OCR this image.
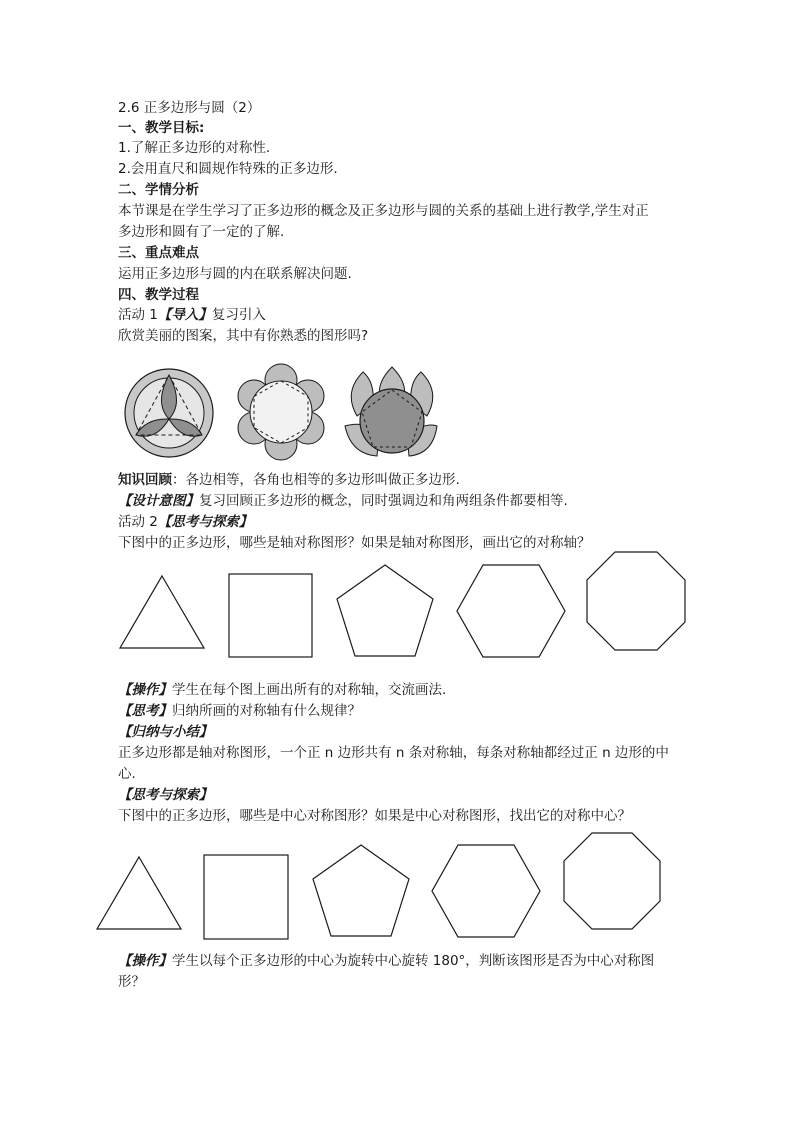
2.6 正多边形与圆（2）
一、教学目标:
1.了解正多边形的对称性.
2.会用直尺和圆规作特殊的正多边形.
二、学情分析
本节课是在学生学习了正多边形的概念及正多边形与圆的关系的基础上进行教学,学生对正
多边形和圆有了一定的了解.
三、重点难点
运用正多边形与圆的内在联系解决问题.
四、教学过程
活动 1【导入】复习引入
欣赏美丽的图案，其中有你熟悉的图形吗?
知识回顾：各边相等，各角也相等的多边形叫做正多边形.
【设计意图】复习回顾正多边形的概念，同时强调边和角两组条件都要相等.
活动 2【思考与探索】
下图中的正多边形，哪些是轴对称图形？如果是轴对称图形，画出它的对称轴？
【操作】学生在每个图上画出所有的对称轴，交流画法.
【思考】归纳所画的对称轴有什么规律？
【归纳与小结】
正多边形都是轴对称图形，一个正 n 边形共有 n 条对称轴，每条对称轴都经过正 n 边形的中
心.
【思考与探索】
下图中的正多边形，哪些是中心对称图形？如果是中心对称图形，找出它的对称中心？
【操作】学生以每个正多边形的中心为旋转中心旋转 180°，判断该图形是否为中心对称图
形？
